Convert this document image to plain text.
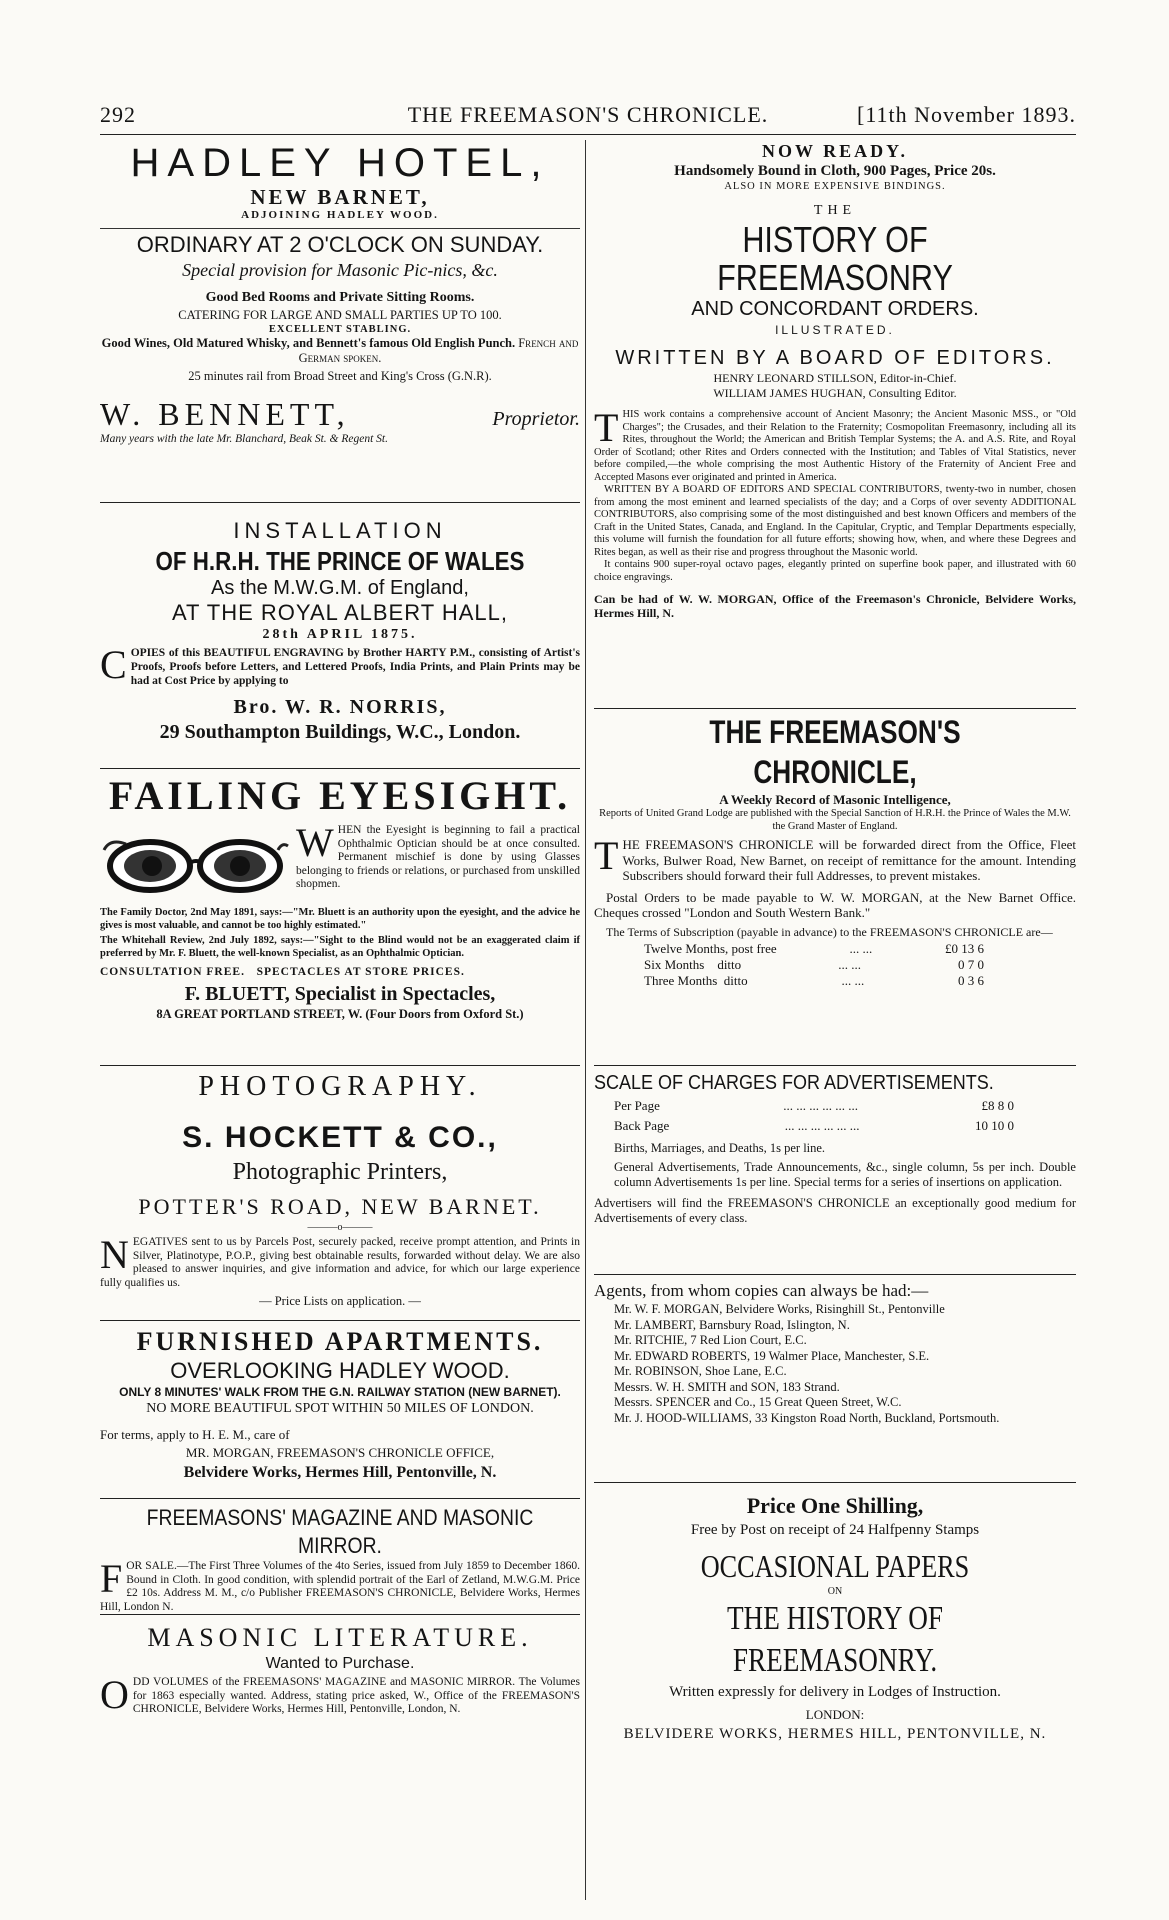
292	THE FREEMASON'S CHRONICLE.	[11th November 1893.
HADLEY HOTEL,
NEW BARNET,
ADJOINING HADLEY WOOD.
ORDINARY AT 2 O'CLOCK ON SUNDAY.
Special provision for Masonic Pic-nics, &c.
Good Bed Rooms and Private Sitting Rooms.
CATERING FOR LARGE AND SMALL PARTIES UP TO 100.
EXCELLENT STABLING.
Good Wines, Old Matured Whisky, and Bennett's famous Old English Punch. French and German spoken.
25 minutes rail from Broad Street and King's Cross (G.N.R).
W. BENNETT,	Proprietor.
Many years with the late Mr. Blanchard, Beak St. & Regent St.
INSTALLATION
OF H.R.H. THE PRINCE OF WALES
As the M.W.G.M. of England,
AT THE ROYAL ALBERT HALL,
28th APRIL 1875.
COPIES of this BEAUTIFUL ENGRAVING by Brother HARTY P.M., consisting of Artist's Proofs, Proofs before Letters, and Lettered Proofs, India Prints, and Plain Prints may be had at Cost Price by applying to
Bro. W. R. NORRIS,
29 Southampton Buildings, W.C., London.
FAILING EYESIGHT.
WHEN the Eyesight is beginning to fail a practical Ophthalmic Optician should be at once consulted. Permanent mischief is done by using Glasses belonging to friends or relations, or purchased from unskilled shopmen.
The Family Doctor, 2nd May 1891, says:—"Mr. Bluett is an authority upon the eyesight, and the advice he gives is most valuable, and cannot be too highly estimated."
The Whitehall Review, 2nd July 1892, says:—"Sight to the Blind would not be an exaggerated claim if preferred by Mr. F. Bluett, the well-known Specialist, as an Ophthalmic Optician.
CONSULTATION FREE.   SPECTACLES AT STORE PRICES.
F. BLUETT, Specialist in Spectacles,
8A GREAT PORTLAND STREET, W. (Four Doors from Oxford St.)
PHOTOGRAPHY.
S. HOCKETT & CO.,
Photographic Printers,
POTTER'S ROAD, NEW BARNET.
———o———
NEGATIVES sent to us by Parcels Post, securely packed, receive prompt attention, and Prints in Silver, Platinotype, P.O.P., giving best obtainable results, forwarded without delay. We are also pleased to answer inquiries, and give information and advice, for which our large experience fully qualifies us.
— Price Lists on application. —
FURNISHED APARTMENTS.
OVERLOOKING HADLEY WOOD.
ONLY 8 MINUTES' WALK FROM THE G.N. RAILWAY STATION (NEW BARNET).
NO MORE BEAUTIFUL SPOT WITHIN 50 MILES OF LONDON.
For terms, apply to H. E. M., care of
MR. MORGAN, FREEMASON'S CHRONICLE OFFICE,
Belvidere Works, Hermes Hill, Pentonville, N.
FREEMASONS' MAGAZINE AND MASONIC MIRROR.
FOR SALE.—The First Three Volumes of the 4to Series, issued from July 1859 to December 1860. Bound in Cloth. In good condition, with splendid portrait of the Earl of Zetland, M.W.G.M. Price £2 10s. Address M. M., c/o Publisher FREEMASON'S CHRONICLE, Belvidere Works, Hermes Hill, London N.
MASONIC LITERATURE.
Wanted to Purchase.
ODD VOLUMES of the FREEMASONS' MAGAZINE and MASONIC MIRROR. The Volumes for 1863 especially wanted. Address, stating price asked, W., Office of the FREEMASON'S CHRONICLE, Belvidere Works, Hermes Hill, Pentonville, London, N.
NOW READY.
Handsomely Bound in Cloth, 900 Pages, Price 20s.
ALSO IN MORE EXPENSIVE BINDINGS.
THE
HISTORY OF FREEMASONRY
AND CONCORDANT ORDERS.
ILLUSTRATED.
WRITTEN BY A BOARD OF EDITORS.
HENRY LEONARD STILLSON, Editor-in-Chief.
WILLIAM JAMES HUGHAN, Consulting Editor.
THIS work contains a comprehensive account of Ancient Masonry; the Ancient Masonic MSS., or "Old Charges"; the Crusades, and their Relation to the Fraternity; Cosmopolitan Freemasonry, including all its Rites, throughout the World; the American and British Templar Systems; the A. and A.S. Rite, and Royal Order of Scotland; other Rites and Orders connected with the Institution; and Tables of Vital Statistics, never before compiled,—the whole comprising the most Authentic History of the Fraternity of Ancient Free and Accepted Masons ever originated and printed in America.
WRITTEN BY A BOARD OF EDITORS AND SPECIAL CONTRIBUTORS, twenty-two in number, chosen from among the most eminent and learned specialists of the day; and a Corps of over seventy ADDITIONAL CONTRIBUTORS, also comprising some of the most distinguished and best known Officers and members of the Craft in the United States, Canada, and England. In the Capitular, Cryptic, and Templar Departments especially, this volume will furnish the foundation for all future efforts; showing how, when, and where these Degrees and Rites began, as well as their rise and progress throughout the Masonic world.
It contains 900 super-royal octavo pages, elegantly printed on superfine book paper, and illustrated with 60 choice engravings.
Can be had of W. W. MORGAN, Office of the Freemason's Chronicle, Belvidere Works, Hermes Hill, N.
THE FREEMASON'S CHRONICLE,
A Weekly Record of Masonic Intelligence,
Reports of United Grand Lodge are published with the Special Sanction of H.R.H. the Prince of Wales the M.W. the Grand Master of England.
THE FREEMASON'S CHRONICLE will be forwarded direct from the Office, Fleet Works, Bulwer Road, New Barnet, on receipt of remittance for the amount. Intending Subscribers should forward their full Addresses, to prevent mistakes.
Postal Orders to be made payable to W. W. MORGAN, at the New Barnet Office. Cheques crossed "London and South Western Bank."
The Terms of Subscription (payable in advance) to the FREEMASON'S CHRONICLE are—
Twelve Months, post free	... ...	£0 13 6
Six Months    ditto	... ...	0 7 0
Three Months  ditto	... ...	0 3 6
SCALE OF CHARGES FOR ADVERTISEMENTS.
Per Page	... ... ... ... ... ...	£8 8 0
Back Page	... ... ... ... ... ...	10 10 0
Births, Marriages, and Deaths, 1s per line.
General Advertisements, Trade Announcements, &c., single column, 5s per inch. Double column Advertisements 1s per line. Special terms for a series of insertions on application.
Advertisers will find the FREEMASON'S CHRONICLE an exceptionally good medium for Advertisements of every class.
Agents, from whom copies can always be had:—
Mr. W. F. MORGAN, Belvidere Works, Risinghill St., Pentonville
Mr. LAMBERT, Barnsbury Road, Islington, N.
Mr. RITCHIE, 7 Red Lion Court, E.C.
Mr. EDWARD ROBERTS, 19 Walmer Place, Manchester, S.E.
Mr. ROBINSON, Shoe Lane, E.C.
Messrs. W. H. SMITH and SON, 183 Strand.
Messrs. SPENCER and Co., 15 Great Queen Street, W.C.
Mr. J. HOOD-WILLIAMS, 33 Kingston Road North, Buckland, Portsmouth.
Price One Shilling,
Free by Post on receipt of 24 Halfpenny Stamps
OCCASIONAL PAPERS
ON
THE HISTORY OF FREEMASONRY.
Written expressly for delivery in Lodges of Instruction.
LONDON:
BELVIDERE WORKS, HERMES HILL, PENTONVILLE, N.
